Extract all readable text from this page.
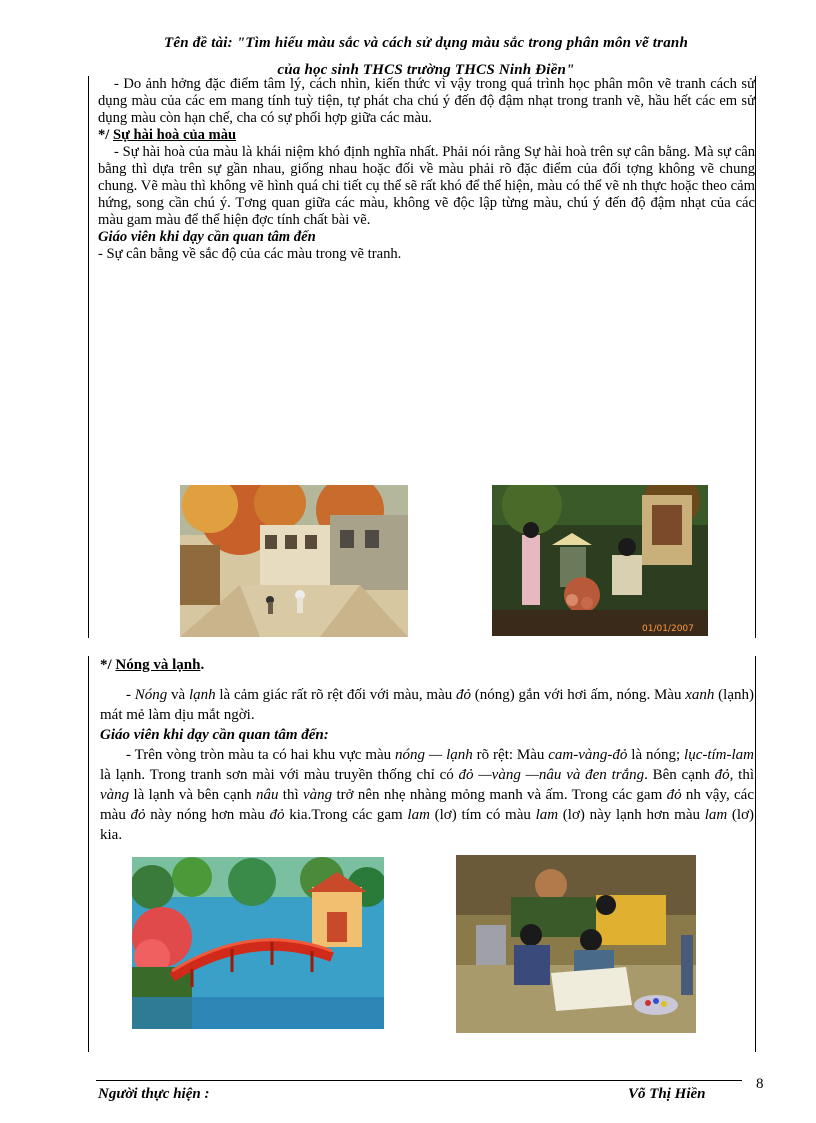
Tên đề tài: "Tìm hiểu màu sắc và cách sử dụng màu sắc trong phân môn vẽ tranh
của học sinh THCS trường THCS Ninh Điền"

- Do ảnh hởng đặc điểm tâm lý, cách nhìn, kiến thức vì vậy trong quá trình học phân môn vẽ tranh cách sử dụng màu của các em mang tính tuỳ tiện, tự phát cha chú ý đến độ đậm nhạt trong tranh vẽ, hầu hết các em sử dụng màu còn hạn chế, cha có sự phối hợp giữa các màu.

*/ Sự hài hoà của màu

- Sự hài hoà của màu là khái niệm khó định nghĩa nhất. Phải nói rằng Sự hài hoà trên sự cân bằng. Mà sự cân bằng thì dựa trên sự gần nhau, giống nhau hoặc đối về màu phải rõ đặc điểm của đối tợng không vẽ chung chung. Vẽ màu thì không vẽ hình quá chi tiết cụ thể sẽ rất khó để thể hiện, màu có thể vẽ nh thực hoặc theo cảm hứng, song cần chú ý. Tơng quan giữa các màu, không vẽ độc lập từng màu, chú ý đến độ đậm nhạt của các màu gam màu để thể hiện đợc tính chất bài vẽ.

Giáo viên khi dạy cần quan tâm đến

- Sự cân bằng về sắc độ của các màu trong vẽ tranh.

01/01/2007

*/ Nóng và lạnh.

- Nóng và lạnh là cảm giác rất rõ rệt đối với màu, màu đỏ (nóng) gắn với hơi ấm, nóng. Màu xanh (lạnh) mát mẻ làm dịu mắt ngời.

Giáo viên khi dạy cần quan tâm đến:

- Trên vòng tròn màu ta có hai khu vực màu nóng — lạnh rõ rệt: Màu cam-vàng-đỏ là nóng; lục-tím-lam là lạnh. Trong tranh sơn mài với màu truyền thống chỉ có đỏ —vàng —nâu và đen trắng. Bên cạnh đỏ, thì vàng là lạnh và bên cạnh nâu thì vàng trở nên nhẹ nhàng mỏng manh và ấm. Trong các gam đỏ nh vậy, các màu đỏ này nóng hơn màu đỏ kia.Trong các gam lam (lơ) tím có màu lam (lơ) này lạnh hơn màu lam (lơ) kia.

Người thực hiện :	Võ Thị Hiền
8
